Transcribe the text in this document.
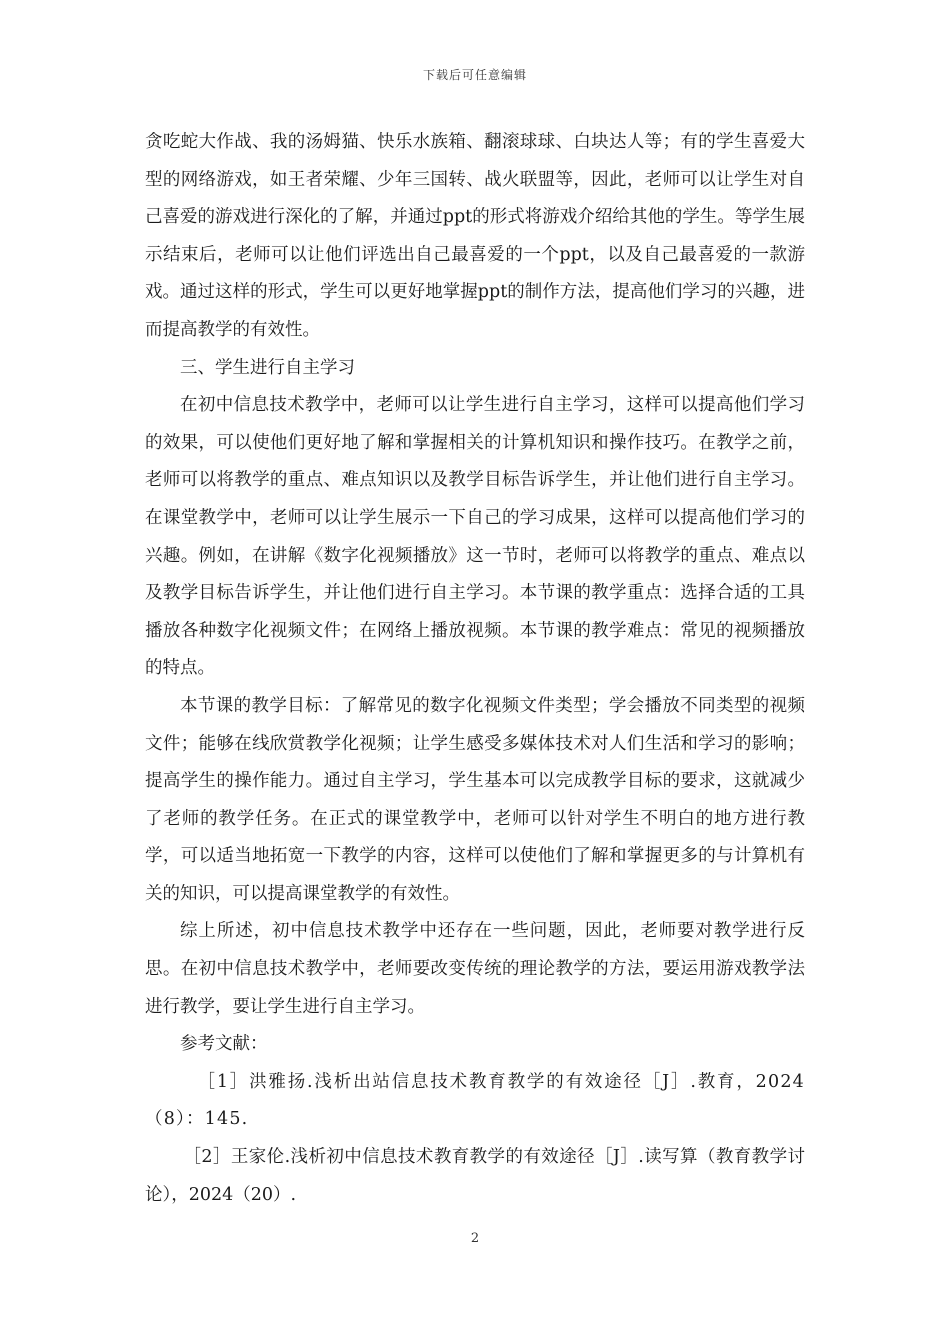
下载后可任意编辑

贪吃蛇大作战、我的汤姆猫、快乐水族箱、翻滚球球、白块达人等；有的学生喜爱大型的网络游戏，如王者荣耀、少年三国转、战火联盟等，因此，老师可以让学生对自己喜爱的游戏进行深化的了解，并通过ppt的形式将游戏介绍给其他的学生。等学生展示结束后，老师可以让他们评选出自己最喜爱的一个ppt，以及自己最喜爱的一款游戏。通过这样的形式，学生可以更好地掌握ppt的制作方法，提高他们学习的兴趣，进而提高教学的有效性。

三、学生进行自主学习

在初中信息技术教学中，老师可以让学生进行自主学习，这样可以提高他们学习的效果，可以使他们更好地了解和掌握相关的计算机知识和操作技巧。在教学之前，老师可以将教学的重点、难点知识以及教学目标告诉学生，并让他们进行自主学习。在课堂教学中，老师可以让学生展示一下自己的学习成果，这样可以提高他们学习的兴趣。例如，在讲解《数字化视频播放》这一节时，老师可以将教学的重点、难点以及教学目标告诉学生，并让他们进行自主学习。本节课的教学重点：选择合适的工具播放各种数字化视频文件；在网络上播放视频。本节课的教学难点：常见的视频播放的特点。

本节课的教学目标：了解常见的数字化视频文件类型；学会播放不同类型的视频文件；能够在线欣赏教学化视频；让学生感受多媒体技术对人们生活和学习的影响；提高学生的操作能力。通过自主学习，学生基本可以完成教学目标的要求，这就减少了老师的教学任务。在正式的课堂教学中，老师可以针对学生不明白的地方进行教学，可以适当地拓宽一下教学的内容，这样可以使他们了解和掌握更多的与计算机有关的知识，可以提高课堂教学的有效性。

综上所述，初中信息技术教学中还存在一些问题，因此，老师要对教学进行反思。在初中信息技术教学中，老师要改变传统的理论教学的方法，要运用游戏教学法进行教学，要让学生进行自主学习。

参考文献：

［1］洪雅扬.浅析出站信息技术教育教学的有效途径［J］.教育，2024（8）：145.

［2］王家伦.浅析初中信息技术教育教学的有效途径［J］.读写算（教育教学讨论），2024（20）.

2
